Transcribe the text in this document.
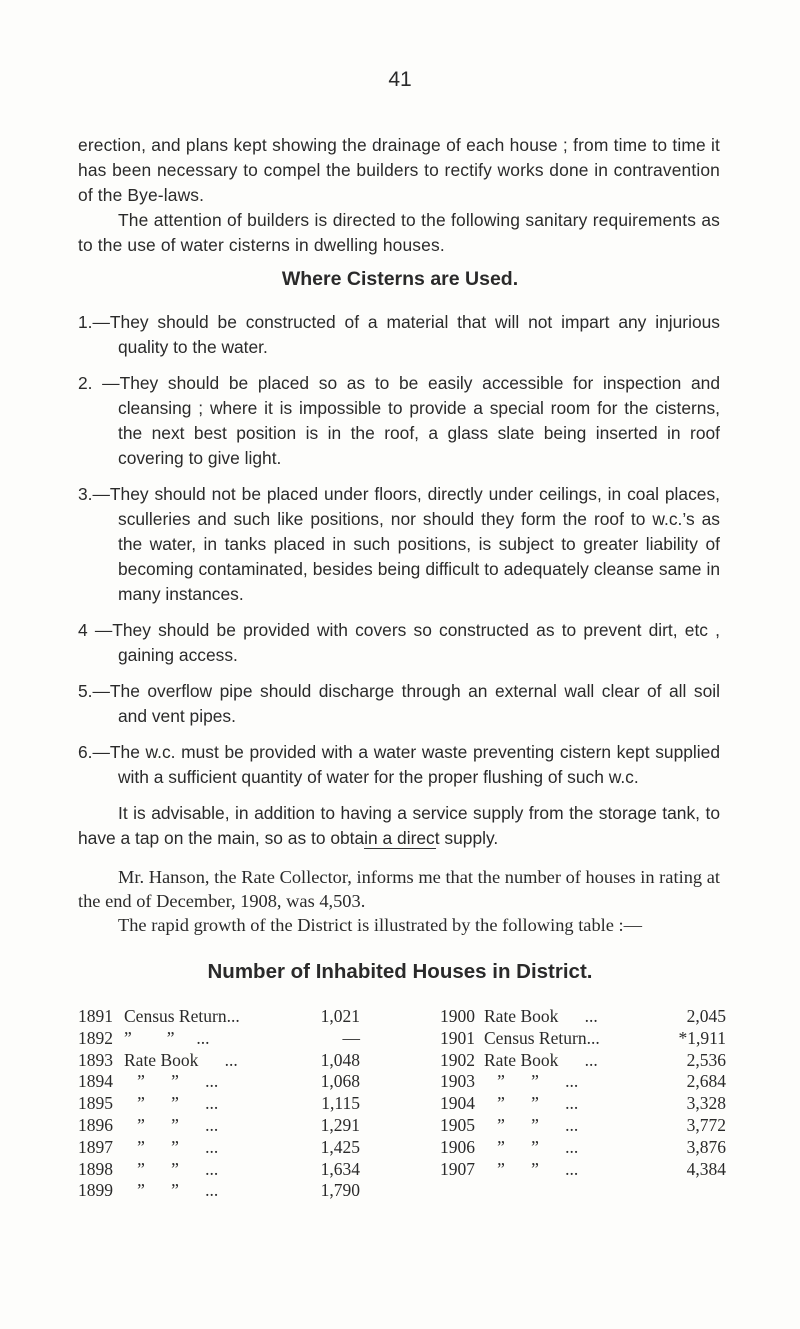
41

erection, and plans kept showing the drainage of each house ; from time to time it has been necessary to compel the builders to rectify works done in contravention of the Bye-laws.

The attention of builders is directed to the following sanitary requirements as to the use of water cisterns in dwelling houses.

Where Cisterns are Used.

1.—They should be constructed of a material that will not impart any injurious quality to the water.

2. —They should be placed so as to be easily accessible for inspection and cleansing ; where it is impossible to provide a special room for the cisterns, the next best position is in the roof, a glass slate being inserted in roof covering to give light.

3.—They should not be placed under floors, directly under ceilings, in coal places, sculleries and such like positions, nor should they form the roof to w.c.’s as the water, in tanks placed in such positions, is subject to greater liability of becoming contaminated, besides being difficult to adequately cleanse same in many instances.

4 —They should be provided with covers so constructed as to prevent dirt, etc , gaining access.

5.—The overflow pipe should discharge through an external wall clear of all soil and vent pipes.

6.—The w.c. must be provided with a water waste preventing cistern kept supplied with a sufficient quantity of water for the proper flushing of such w.c.

It is advisable, in addition to having a service supply from the storage tank, to have a tap on the main, so as to obtain a direct supply.

Mr. Hanson, the Rate Collector, informs me that the number of houses in rating at the end of December, 1908, was 4,503.

The rapid growth of the District is illustrated by the following table :—

Number of Inhabited Houses in District.
1891 Census Return...	1,021
1892 ”        ”     ...	—
1893 Rate Book      ...	1,048
1894 ”      ”      ...	1,068
1895 ”      ”      ...	1,115
1896 ”      ”      ...	1,291
1897 ”      ”      ...	1,425
1898 ”      ”      ...	1,634
1899 ”      ”      ...	1,790
1900 Rate Book      ...	2,045
1901 Census Return...	*1,911
1902 Rate Book      ...	2,536
1903 ”      ”      ...	2,684
1904 ”      ”      ...	3,328
1905 ”      ”      ...	3,772
1906 ”      ”      ...	3,876
1907 ”      ”      ...	4,384
